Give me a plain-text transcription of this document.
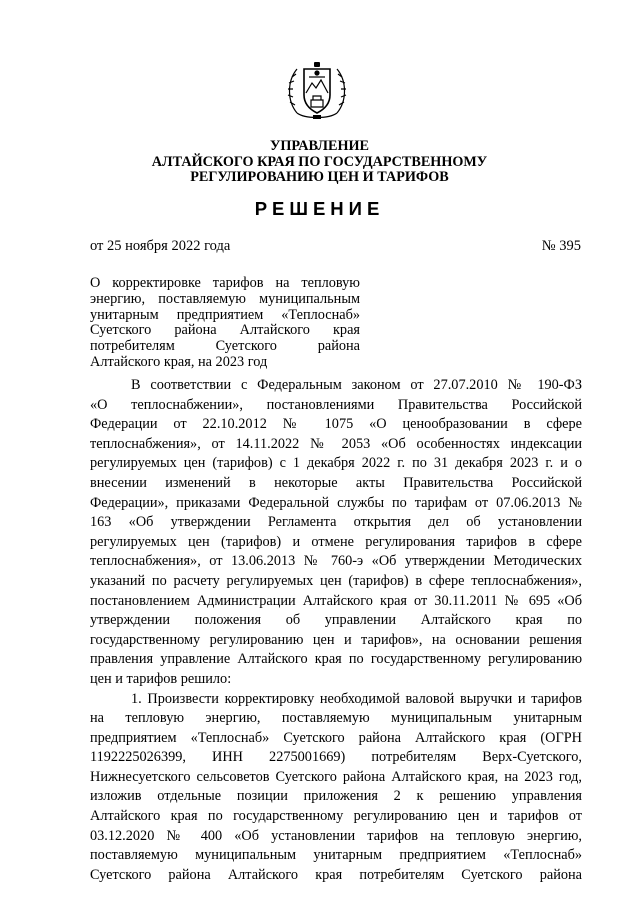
УПРАВЛЕНИЕ
АЛТАЙСКОГО КРАЯ ПО ГОСУДАРСТВЕННОМУ
РЕГУЛИРОВАНИЮ ЦЕН И ТАРИФОВ
РЕШЕНИЕ
от 25 ноября 2022 года	№ 395
О корректировке тарифов на тепловую
энергию, поставляемую муниципальным
унитарным предприятием «Теплоснаб»
Суетского района Алтайского края
потребителям Суетского района
Алтайского края, на 2023 год
В соответствии с Федеральным законом от 27.07.2010 № 190-ФЗ
«О теплоснабжении», постановлениями Правительства Российской
Федерации от 22.10.2012 № 1075 «О ценообразовании в сфере
теплоснабжения», от 14.11.2022 № 2053 «Об особенностях индексации
регулируемых цен (тарифов) с 1 декабря 2022 г. по 31 декабря 2023 г. и о
внесении изменений в некоторые акты Правительства Российской
Федерации», приказами Федеральной службы по тарифам от 07.06.2013 №
163 «Об утверждении Регламента открытия дел об установлении
регулируемых цен (тарифов) и отмене регулирования тарифов в сфере
теплоснабжения», от 13.06.2013 № 760-э «Об утверждении Методических
указаний по расчету регулируемых цен (тарифов) в сфере теплоснабжения»,
постановлением Администрации Алтайского края от 30.11.2011 № 695 «Об
утверждении положения об управлении Алтайского края по
государственному регулированию цен и тарифов», на основании решения
правления управление Алтайского края по государственному регулированию
цен и тарифов решило:
1. Произвести корректировку необходимой валовой выручки и тарифов
на тепловую энергию, поставляемую муниципальным унитарным
предприятием «Теплоснаб» Суетского района Алтайского края (ОГРН
1192225026399, ИНН 2275001669) потребителям Верх-Суетского,
Нижнесуетского сельсоветов Суетского района Алтайского края, на 2023 год,
изложив отдельные позиции приложения 2 к решению управления
Алтайского края по государственному регулированию цен и тарифов от
03.12.2020 № 400 «Об установлении тарифов на тепловую энергию,
поставляемую муниципальным унитарным предприятием «Теплоснаб»
Суетского района Алтайского края потребителям Суетского района
